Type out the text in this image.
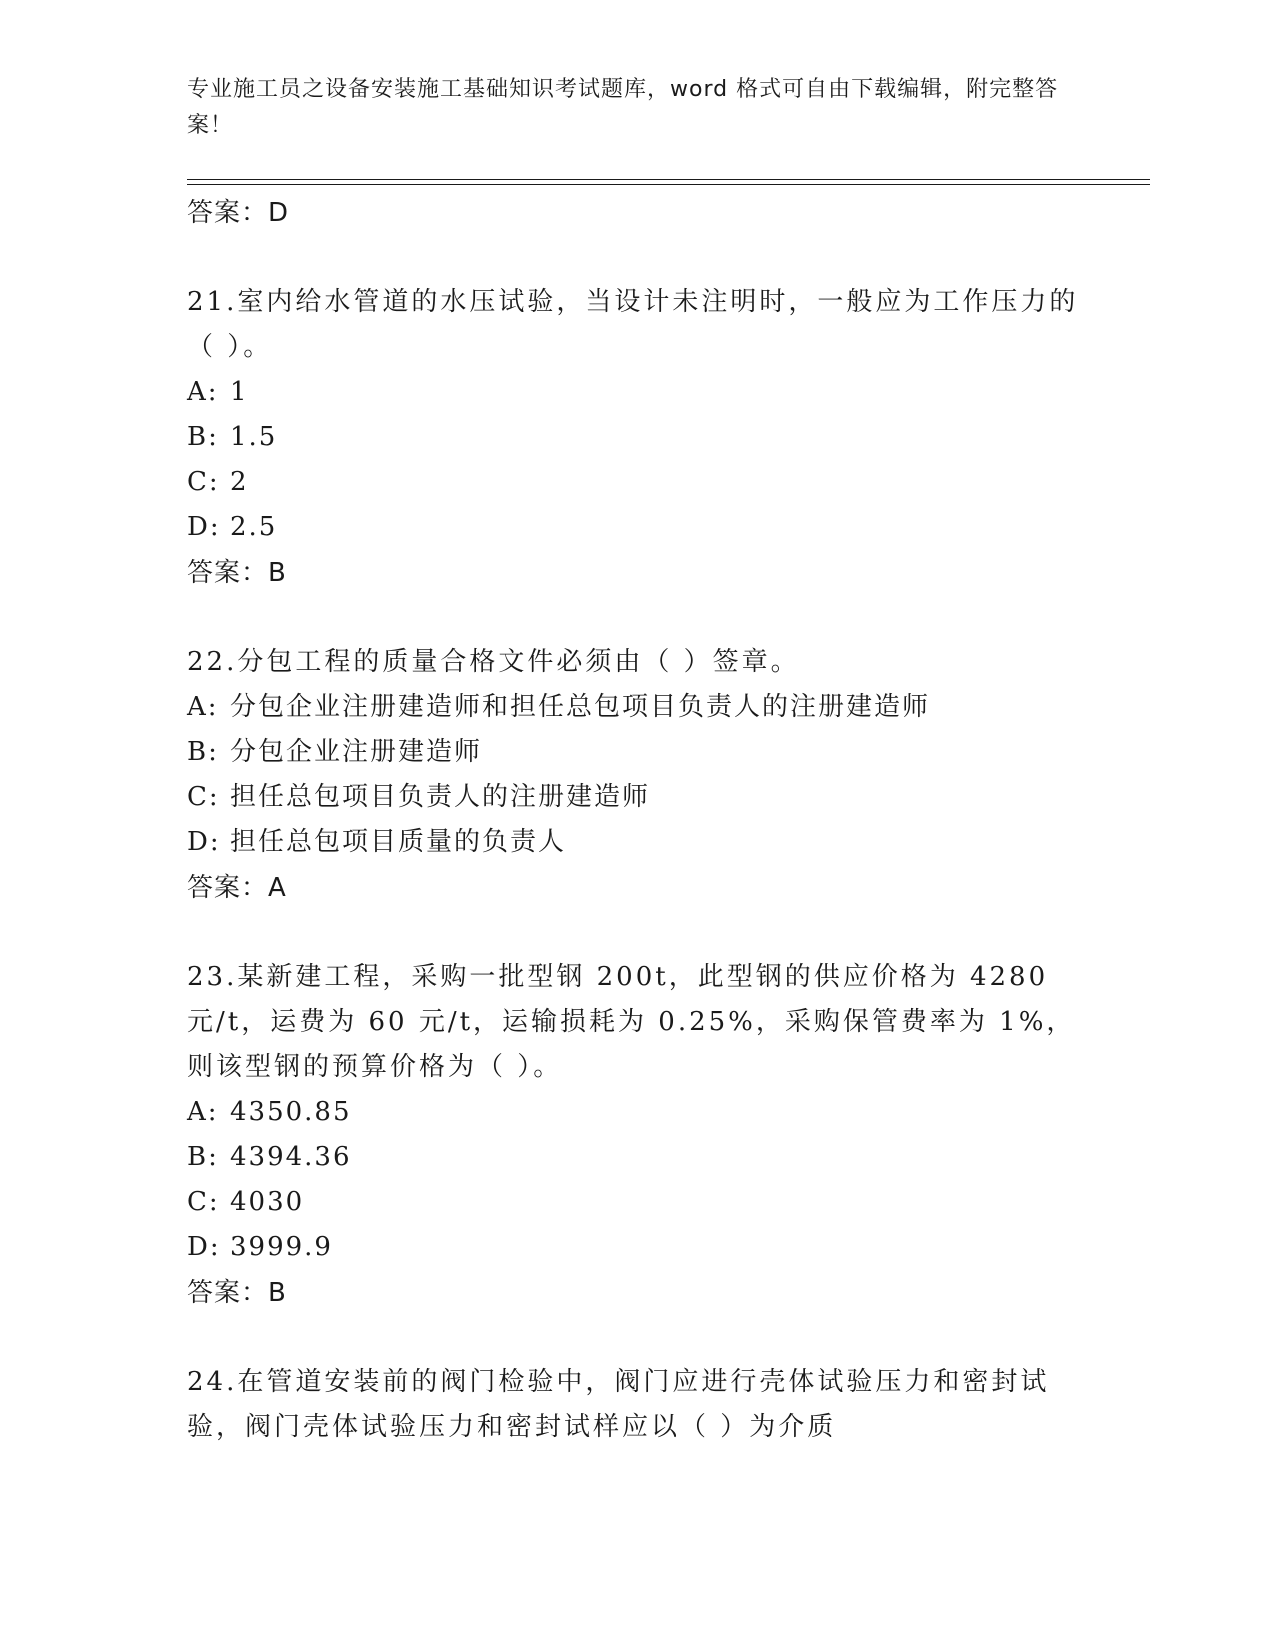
专业施工员之设备安装施工基础知识考试题库，word 格式可自由下载编辑，附完整答案！
答案：D
21.室内给水管道的水压试验，当设计未注明时，一般应为工作压力的（ ）。
A: 1
B: 1.5
C: 2
D: 2.5
答案：B
22.分包工程的质量合格文件必须由（ ）签章。
A: 分包企业注册建造师和担任总包项目负责人的注册建造师
B: 分包企业注册建造师
C: 担任总包项目负责人的注册建造师
D: 担任总包项目质量的负责人
答案：A
23.某新建工程，采购一批型钢 200t，此型钢的供应价格为 4280 元/t，运费为 60 元/t，运输损耗为 0.25%，采购保管费率为 1%，则该型钢的预算价格为（ ）。
A: 4350.85
B: 4394.36
C: 4030
D: 3999.9
答案：B
24.在管道安装前的阀门检验中，阀门应进行壳体试验压力和密封试验，阀门壳体试验压力和密封试样应以（ ）为介质
